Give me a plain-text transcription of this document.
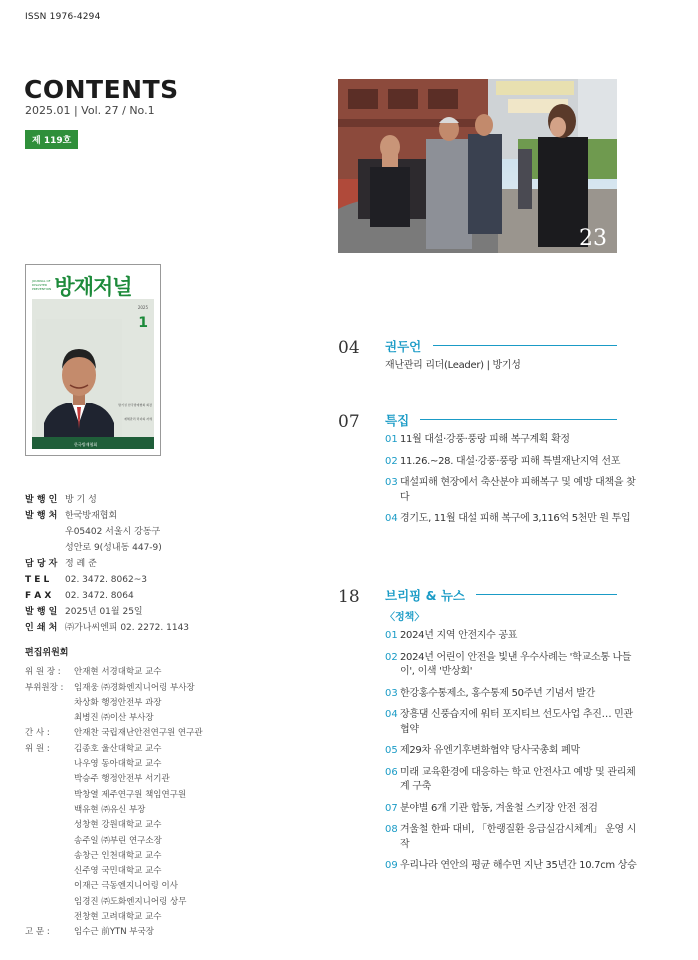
ISSN 1976-4294
CONTENTS
2025.01 | Vol. 27 / No.1
제 119호
JOURNAL OF DISASTER PREVENTION 방재저널
2025
1
방기성 한국방재협회 회장
재해관리 리더의 자세
한국방재협회
발 행 인 방 기 성
발 행 처 한국방재협회
우05402 서울시 강동구
성안로 9(성내동 447-9)
담 당 자 정 례 준
T E L	02. 3472. 8062~3
F A X	02. 3472. 8064
발 행 일 2025년 01월 25일
인 쇄 처 ㈜가나씨엔피 02. 2272. 1143
편집위원회
위 원 장 :	안재현 서경대학교 교수
부위원장 :	임재웅 ㈜경화엔지니어링 부사장
차상화 행정안전부 과장
최병진 ㈜이산 부사장
간 사 :	안재찬 국립재난안전연구원 연구관
위 원 :	김종호 울산대학교 교수
나우영 동아대학교 교수
박승주 행정안전부 서기관
박창열 제주연구원 책임연구원
백유현 ㈜유신 부장
성창현 강원대학교 교수
송주일 ㈜부린 연구소장
송창근 인천대학교 교수
신주영 국민대학교 교수
이재근 극동엔지니어링 이사
임경진 ㈜도화엔지니어링 상무
전창현 고려대학교 교수
고 문 :	임수근 前YTN 부국장
23
04 권두언
재난관리 리더(Leader) | 방기성
07 특집
01 11월 대설·강풍·풍랑 피해 복구계획 확정
02 11.26.~28. 대설·강풍·풍랑 피해 특별재난지역 선포
03 대설피해 현장에서 축산분야 피해복구 및 예방 대책을 찾다
04 경기도, 11월 대설 피해 복구에 3,116억 5천만 원 투입
18 브리핑 & 뉴스
〈정책〉
01 2024년 지역 안전지수 공표
02 2024년 어린이 안전을 빛낸 우수사례는 '학교소통 나들이', 이색 '반상회'
03 한강홍수통제소, 홍수통제 50주년 기념서 발간
04 장흥댐 신풍습지에 워터 포지티브 선도사업 추진… 민관 협약
05 제29차 유엔기후변화협약 당사국총회 폐막
06 미래 교육환경에 대응하는 학교 안전사고 예방 및 관리체계 구축
07 분야별 6개 기관 합동, 겨울철 스키장 안전 점검
08 겨울철 한파 대비, 「한랭질환 응급실감시체계」 운영 시작
09 우리나라 연안의 평균 해수면 지난 35년간 10.7cm 상승
